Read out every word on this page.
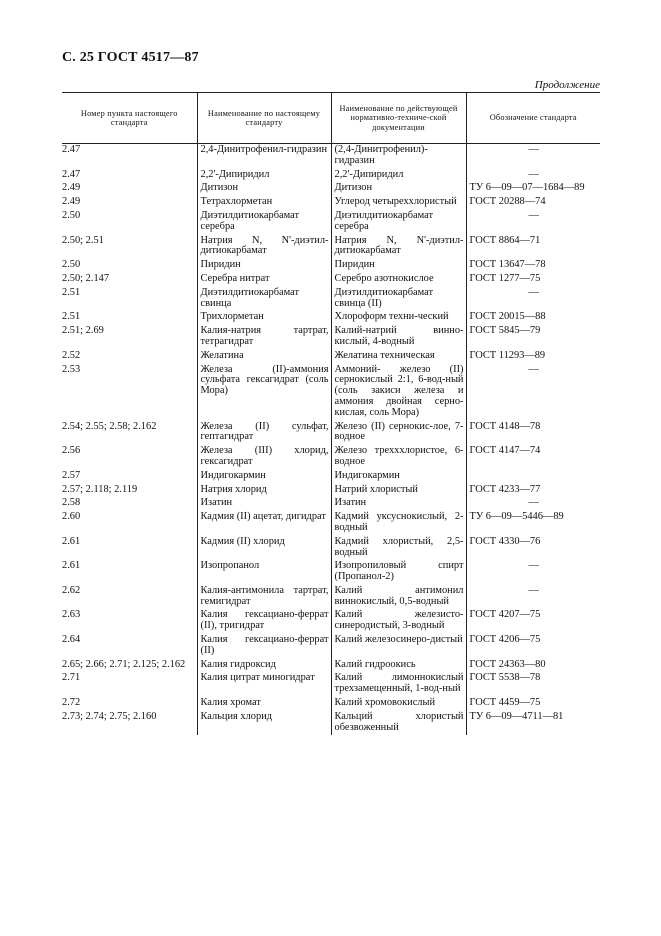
С. 25 ГОСТ 4517—87
Продолжение
Номер пункта настоящего стандарта	Наименование по настоящему стандарту	Наименование по действующей нормативно-техниче-ской документации	Обозначение стандарта
2.47	2,4-Динитрофенил-гидразин	(2,4-Динитрофенил)-гидразин	—
2.47	2,2'-Дипиридил	2,2'-Дипиридил	—
2.49	Дитизон	Дитизон	ТУ 6—09—07—1684—89
2.49	Тетрахлорметан	Углерод четыреххлористый	ГОСТ 20288—74
2.50	Диэтилдитиокарбамат серебра	Диэтилдитиокарбамат серебра	—
2.50; 2.51	Натрия N, N'-диэтил-дитиокарбамат	Натрия N, N'-диэтил-дитиокарбамат	ГОСТ 8864—71
2.50	Пиридин	Пиридин	ГОСТ 13647—78
2.50; 2.147	Серебра нитрат	Серебро азотнокислое	ГОСТ 1277—75
2.51	Диэтилдитиокарбамат свинца	Диэтилдитиокарбамат свинца (II)	—
2.51	Трихлорметан	Хлороформ техни-ческий	ГОСТ 20015—88
2.51; 2.69	Калия-натрия тартрат, тетрагидрат	Калий-натрий винно-кислый, 4-водный	ГОСТ 5845—79
2.52	Желатина	Желатина техническая	ГОСТ 11293—89
2.53	Железа (II)-аммония сульфата гексагидрат (соль Мора)	Аммоний- железо (II) сернокислый 2:1, 6-вод-ный (соль закиси железа и аммония двойная серно-кислая, соль Мора)	—
2.54; 2.55; 2.58; 2.162	Железа (II) сульфат, гептагидрат	Железо (II) сернокис-лое, 7-водное	ГОСТ 4148—78
2.56	Железа (III) хлорид, гексагидрат	Железо трехххлористое, 6-водное	ГОСТ 4147—74
2.57	Индигокармин	Индигокармин	
2.57; 2.118; 2.119	Натрия хлорид	Натрий хлористый	ГОСТ 4233—77
2.58	Изатин	Изатин	—
2.60	Кадмия (II) ацетат, дигидрат	Кадмий уксуснокислый, 2-водный	ТУ 6—09—5446—89
2.61	Кадмия (II) хлорид	Кадмий хлористый, 2,5-водный	ГОСТ 4330—76
2.61	Изопропанол	Изопропиловый спирт (Пропанол-2)	—
2.62	Калия-антимонила тартрат, гемигидрат	Калий антимонил виннокислый, 0,5-водный	—
2.63	Калия гексациано-феррат (II), тригидрат	Калий железисто-синеродистый, 3-водный	ГОСТ 4207—75
2.64	Калия гексациано-феррат (II)	Калий железосинеро-дистый	ГОСТ 4206—75
2.65; 2.66; 2.71; 2.125; 2.162	Калия гидроксид	Калий гидроокись	ГОСТ 24363—80
2.71	Калия цитрат миногидрат	Калий лимоннокислый трехзамещенный, 1-вод-ный	ГОСТ 5538—78
2.72	Калия хромат	Калий хромовокислый	ГОСТ 4459—75
2.73; 2.74; 2.75; 2.160	Кальция хлорид	Кальций хлористый обезвоженный	ТУ 6—09—4711—81
